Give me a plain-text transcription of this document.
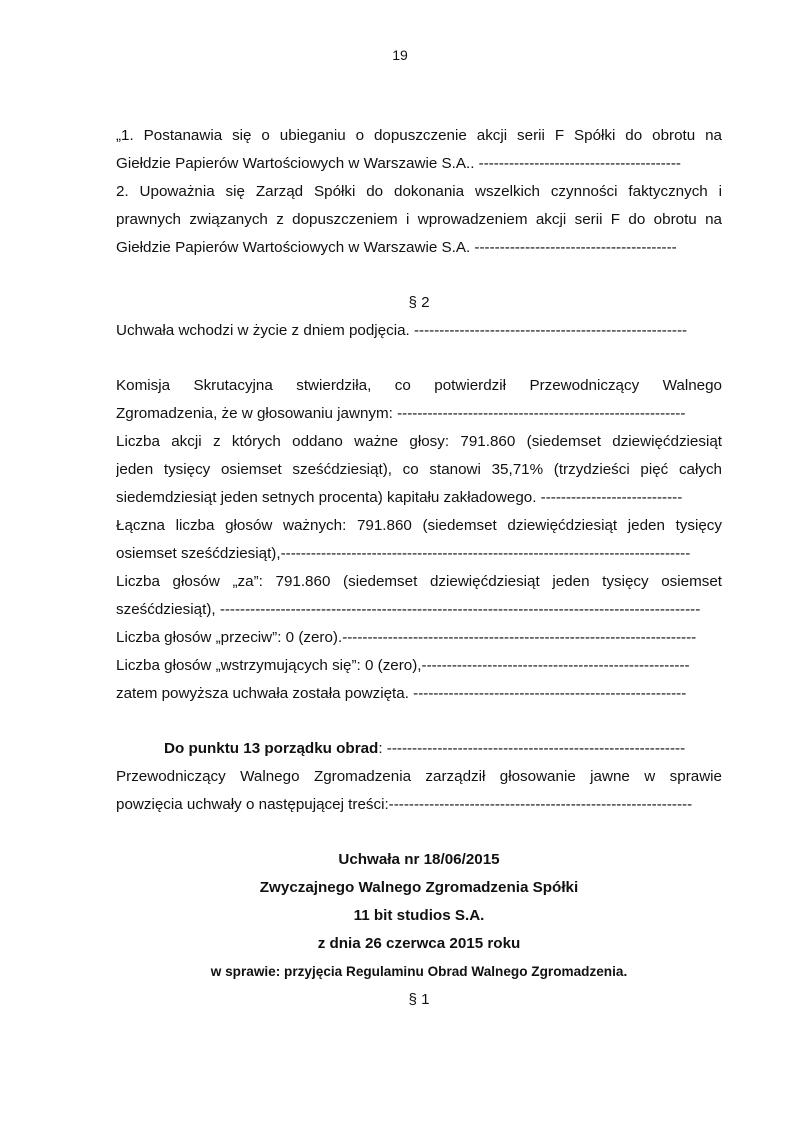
19
„1. Postanawia się o ubieganiu o dopuszczenie akcji serii F Spółki do obrotu na
Giełdzie Papierów Wartościowych w Warszawie S.A.. ----------------------------------------
2. Upoważnia się Zarząd Spółki do dokonania wszelkich czynności faktycznych i
prawnych związanych z dopuszczeniem i wprowadzeniem akcji serii F do obrotu na
Giełdzie Papierów Wartościowych w Warszawie S.A. ----------------------------------------
§ 2
Uchwała wchodzi w życie z dniem podjęcia. ------------------------------------------------------
Komisja Skrutacyjna stwierdziła, co potwierdził Przewodniczący Walnego
Zgromadzenia, że w głosowaniu jawnym: ---------------------------------------------------------
Liczba akcji z których oddano ważne głosy: 791.860 (siedemset dziewięćdziesiąt
jeden tysięcy osiemset sześćdziesiąt), co stanowi 35,71% (trzydzieści pięć całych
siedemdziesiąt jeden setnych procenta) kapitału zakładowego. ----------------------------
Łączna liczba głosów ważnych: 791.860 (siedemset dziewięćdziesiąt jeden tysięcy
osiemset sześćdziesiąt),---------------------------------------------------------------------------------
Liczba głosów „za”: 791.860 (siedemset dziewięćdziesiąt jeden tysięcy osiemset
sześćdziesiąt), -----------------------------------------------------------------------------------------------
Liczba głosów „przeciw”: 0 (zero).----------------------------------------------------------------------
Liczba głosów „wstrzymujących się”: 0 (zero),-----------------------------------------------------
zatem powyższa uchwała została powzięta. ------------------------------------------------------
Do punktu 13 porządku obrad: -----------------------------------------------------------
Przewodniczący Walnego Zgromadzenia zarządził głosowanie jawne w sprawie
powzięcia uchwały o następującej treści:------------------------------------------------------------
Uchwała nr 18/06/2015
Zwyczajnego Walnego Zgromadzenia Spółki
11 bit studios S.A.
z dnia 26 czerwca 2015 roku
w sprawie: przyjęcia Regulaminu Obrad Walnego Zgromadzenia.
§ 1
